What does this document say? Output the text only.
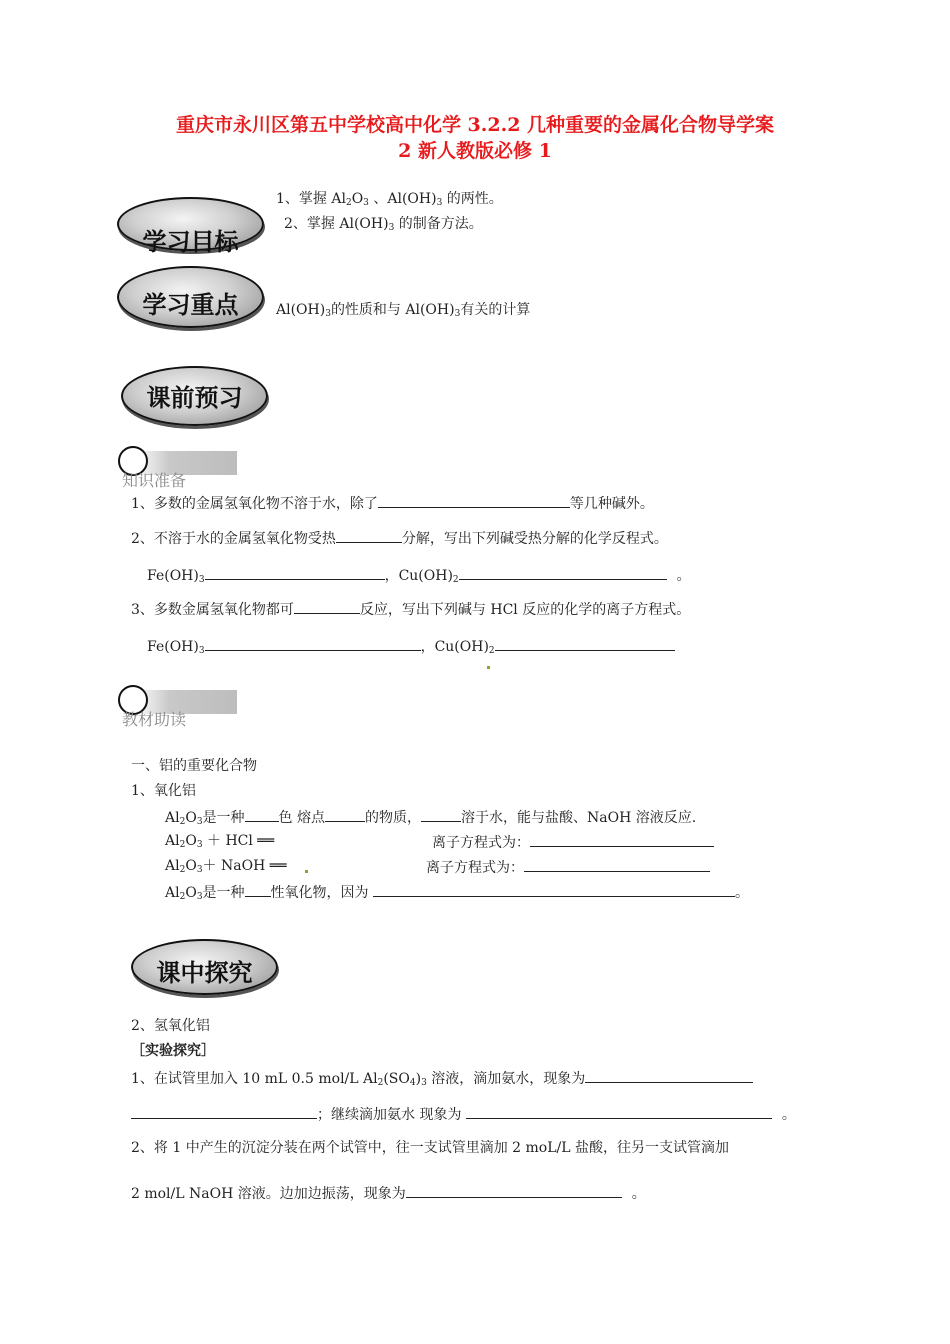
重庆市永川区第五中学校高中化学 3.2.2 几种重要的金属化合物导学案
2 新人教版必修 1
学习目标
1、掌握 $Al_2O_3$ 、$Al(OH)_3$ 的两性。
2、掌握 $Al(OH)_3$ 的制备方法。
学习重点	$Al(OH)_3$的性质和与 $Al(OH)_3$有关的计算
课前预习
知识准备
1、多数的金属氢氧化物不溶于水，除了	等几种碱外。
2、不溶于水的金属氢氧化物受热	分解，写出下列碱受热分解的化学反程式。
$Fe(OH)_3$	，$Cu(OH)_2$	。
3、多数金属氢氧化物都可	反应，写出下列碱与 HCl 反应的化学的离子方程式。
$Fe(OH)_3$	，$Cu(OH)_2$
教材助读
一、铝的重要化合物
1、氧化铝
$Al_2O_3$是一种 色 熔点	的物质，	溶于水，能与盐酸、NaOH 溶液反应.
$Al_2O_3$ ＋ HCl ══	离子方程式为：
$Al_2O_3+$ NaOH ══	离子方程式为：
$Al_2O_3$是一种 性氧化物，因为	。
课中探究
2、氢氧化铝
［实验探究］
1、在试管里加入 10 mL 0.5 mol/L $Al_2(SO_4)_3$ 溶液，滴加氨水，现象为
；继续滴加氨水 现象为	。
2、将 1 中产生的沉淀分装在两个试管中，往一支试管里滴加 2 moL/L 盐酸，往另一支试管滴加
2 mol/L NaOH 溶液。边加边振荡，现象为	。
